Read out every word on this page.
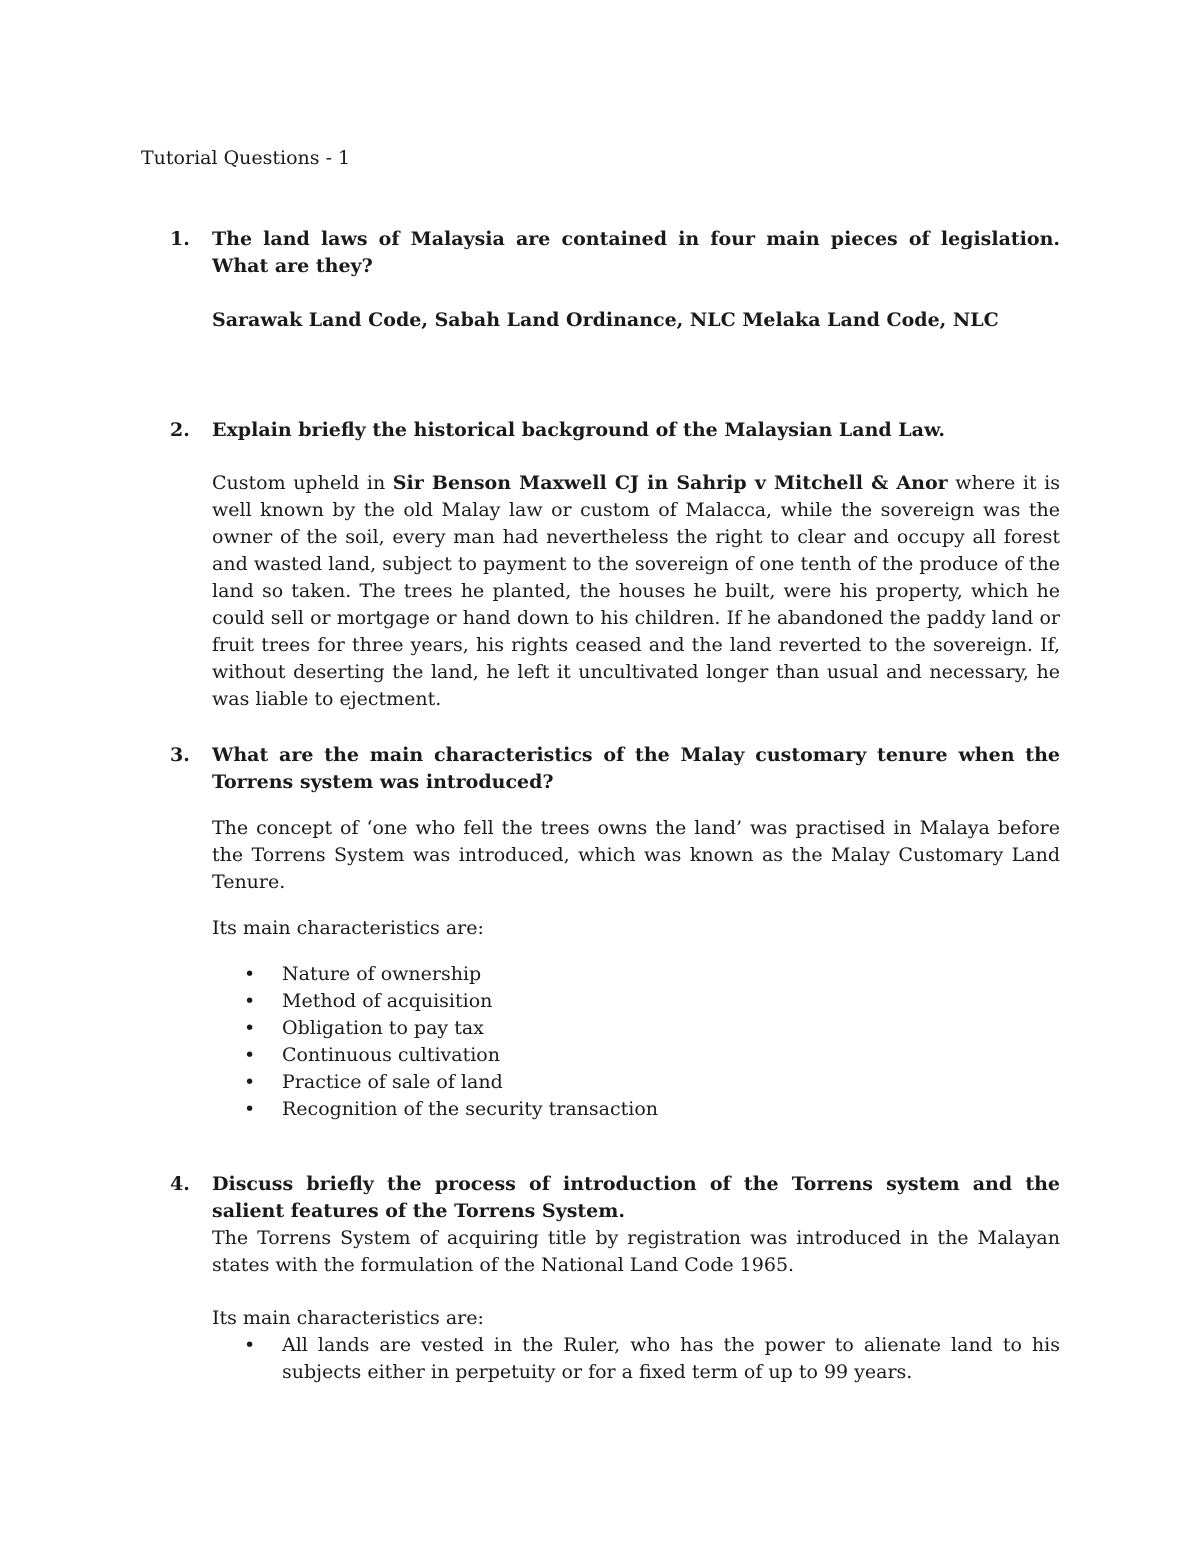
Tutorial Questions - 1
1. The land laws of Malaysia are contained in four main pieces of legislation. What are they?
Sarawak Land Code, Sabah Land Ordinance, NLC Melaka Land Code, NLC
2. Explain briefly the historical background of the Malaysian Land Law.
Custom upheld in Sir Benson Maxwell CJ in Sahrip v Mitchell & Anor where it is well known by the old Malay law or custom of Malacca, while the sovereign was the owner of the soil, every man had nevertheless the right to clear and occupy all forest and wasted land, subject to payment to the sovereign of one tenth of the produce of the land so taken. The trees he planted, the houses he built, were his property, which he could sell or mortgage or hand down to his children. If he abandoned the paddy land or fruit trees for three years, his rights ceased and the land reverted to the sovereign. If, without deserting the land, he left it uncultivated longer than usual and necessary, he was liable to ejectment.
3. What are the main characteristics of the Malay customary tenure when the Torrens system was introduced?
The concept of ‘one who fell the trees owns the land’ was practised in Malaya before the Torrens System was introduced, which was known as the Malay Customary Land Tenure.
Its main characteristics are:
• Nature of ownership
• Method of acquisition
• Obligation to pay tax
• Continuous cultivation
• Practice of sale of land
• Recognition of the security transaction
4. Discuss briefly the process of introduction of the Torrens system and the salient features of the Torrens System.
The Torrens System of acquiring title by registration was introduced in the Malayan states with the formulation of the National Land Code 1965.
Its main characteristics are:
• All lands are vested in the Ruler, who has the power to alienate land to his subjects either in perpetuity or for a fixed term of up to 99 years.
